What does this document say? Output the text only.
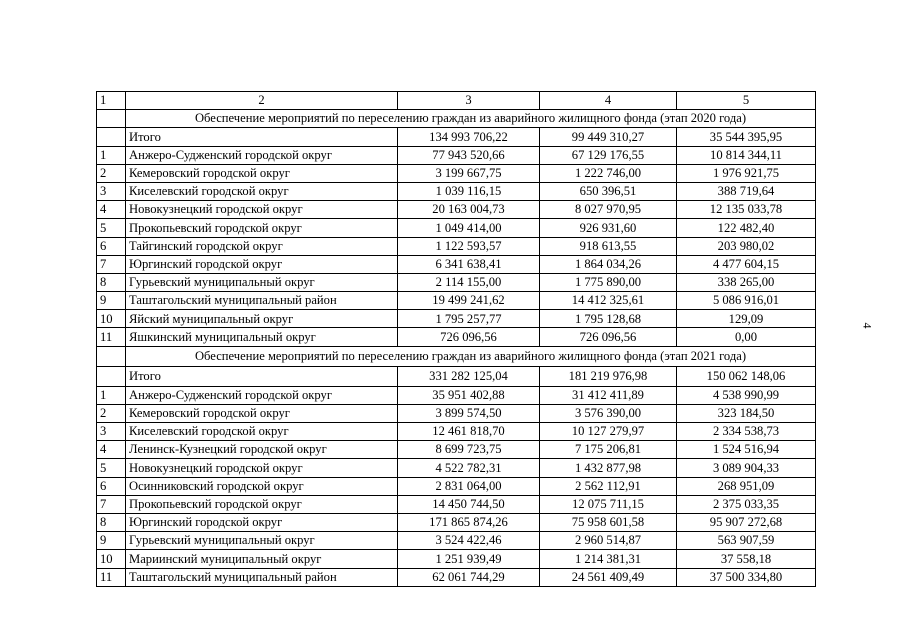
1	2	3	4	5
	Обеспечение мероприятий по переселению граждан из аварийного жилищного фонда (этап 2020 года)			
	Итого	134 993 706,22	99 449 310,27	35 544 395,95
1	Анжеро-Судженский городской округ	77 943 520,66	67 129 176,55	10 814 344,11
2	Кемеровский городской округ	3 199 667,75	1 222 746,00	1 976 921,75
3	Киселевский городской округ	1 039 116,15	650 396,51	388 719,64
4	Новокузнецкий городской округ	20 163 004,73	8 027 970,95	12 135 033,78
5	Прокопьевский городской округ	1 049 414,00	926 931,60	122 482,40
6	Тайгинский городской округ	1 122 593,57	918 613,55	203 980,02
7	Юргинский городской округ	6 341 638,41	1 864 034,26	4 477 604,15
8	Гурьевский муниципальный округ	2 114 155,00	1 775 890,00	338 265,00
9	Таштагольский муниципальный район	19 499 241,62	14 412 325,61	5 086 916,01
10	Яйский муниципальный округ	1 795 257,77	1 795 128,68	129,09
11	Яшкинский муниципальный округ	726 096,56	726 096,56	0,00
	Обеспечение мероприятий по переселению граждан из аварийного жилищного фонда (этап 2021 года)			
	Итого	331 282 125,04	181 219 976,98	150 062 148,06
1	Анжеро-Судженский городской округ	35 951 402,88	31 412 411,89	4 538 990,99
2	Кемеровский городской округ	3 899 574,50	3 576 390,00	323 184,50
3	Киселевский городской округ	12 461 818,70	10 127 279,97	2 334 538,73
4	Ленинск-Кузнецкий городской округ	8 699 723,75	7 175 206,81	1 524 516,94
5	Новокузнецкий городской округ	4 522 782,31	1 432 877,98	3 089 904,33
6	Осинниковский городской округ	2 831 064,00	2 562 112,91	268 951,09
7	Прокопьевский городской округ	14 450 744,50	12 075 711,15	2 375 033,35
8	Юргинский городской округ	171 865 874,26	75 958 601,58	95 907 272,68
9	Гурьевский муниципальный округ	3 524 422,46	2 960 514,87	563 907,59
10	Мариинский муниципальный округ	1 251 939,49	1 214 381,31	37 558,18
11	Таштагольский муниципальный район	62 061 744,29	24 561 409,49	37 500 334,80
4
